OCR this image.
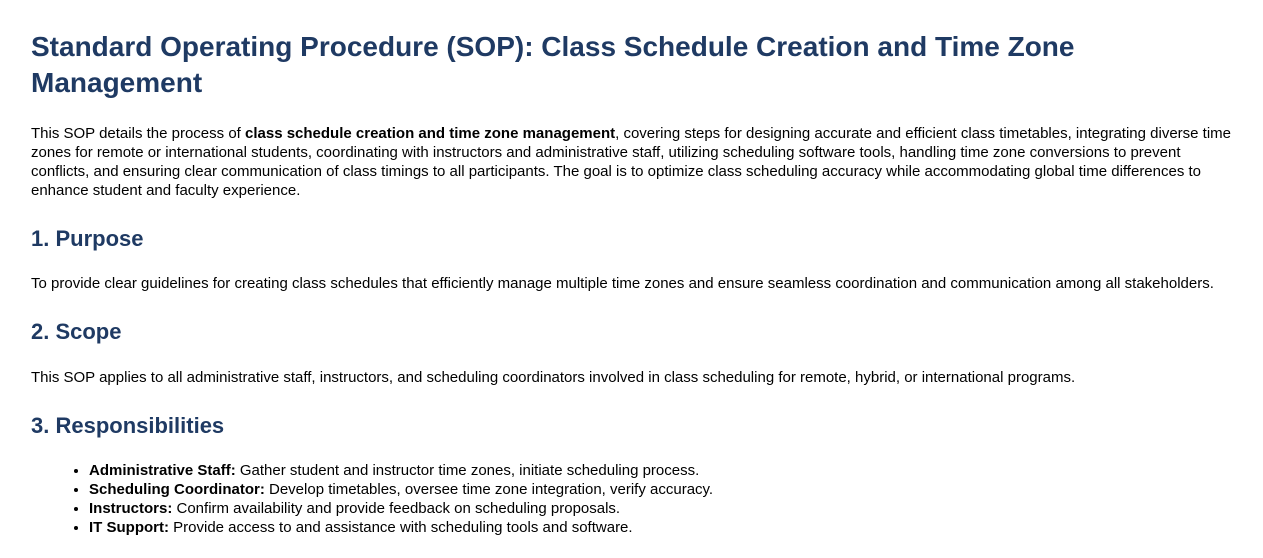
Standard Operating Procedure (SOP): Class Schedule Creation and Time Zone Management

This SOP details the process of class schedule creation and time zone management, covering steps for designing accurate and efficient class timetables, integrating diverse time zones for remote or international students, coordinating with instructors and administrative staff, utilizing scheduling software tools, handling time zone conversions to prevent conflicts, and ensuring clear communication of class timings to all participants. The goal is to optimize class scheduling accuracy while accommodating global time differences to enhance student and faculty experience.

1. Purpose

To provide clear guidelines for creating class schedules that efficiently manage multiple time zones and ensure seamless coordination and communication among all stakeholders.

2. Scope

This SOP applies to all administrative staff, instructors, and scheduling coordinators involved in class scheduling for remote, hybrid, or international programs.

3. Responsibilities
• Administrative Staff: Gather student and instructor time zones, initiate scheduling process.
• Scheduling Coordinator: Develop timetables, oversee time zone integration, verify accuracy.
• Instructors: Confirm availability and provide feedback on scheduling proposals.
• IT Support: Provide access to and assistance with scheduling tools and software.
